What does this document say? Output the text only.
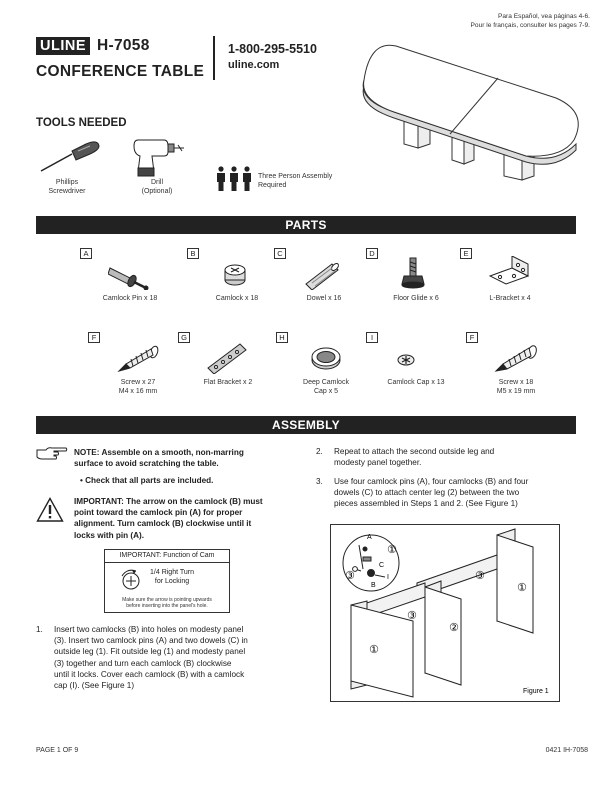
Para Español, vea páginas 4-6.
Pour le français, consulter les pages 7-9.
ULINE H-7058
CONFERENCE TABLE
1-800-295-5510
uline.com
TOOLS NEEDED
Phillips
Screwdriver
Drill
(Optional)
Three Person Assembly
Required
PARTS
A
Camlock Pin x 18
B
Camlock x 18
C
Dowel x 16
D
Floor Glide x 6
E
L-Bracket x 4
F
Screw x 27
M4 x 16 mm
G
Flat Bracket x 2
H
Deep Camlock
Cap x 5
I
Camlock Cap x 13
F
Screw x 18
M5 x 19 mm
ASSEMBLY
NOTE: Assemble on a smooth, non-marring
surface to avoid scratching the table.
• Check that all parts are included.
IMPORTANT: The arrow on the camlock (B) must
point toward the camlock pin (A) for proper
alignment. Turn camlock (B) clockwise until it
locks with pin (A).
IMPORTANT: Function of Cam
1/4 Right Turn
for Locking
Make sure the arrow is pointing upwards
before inserting into the panel's hole.
1. Insert two camlocks (B) into holes on modesty panel
(3). Insert two camlock pins (A) and two dowels (C) in
outside leg (1). Fit outside leg (1) and modesty panel
(3) together and turn each camlock (B) clockwise
until it locks. Cover each camlock (B) with a camlock
cap (I). (See Figure 1)
2. Repeat to attach the second outside leg and
modesty panel together.
3. Use four camlock pins (A), four camlocks (B) and four
dowels (C) to attach center leg (2) between the two
pieces assembled in Steps 1 and 2. (See Figure 1)
A
B
C
I
①
③	③
①
③
②
①
Figure 1
PAGE 1 OF 9	0421 IH-7058
